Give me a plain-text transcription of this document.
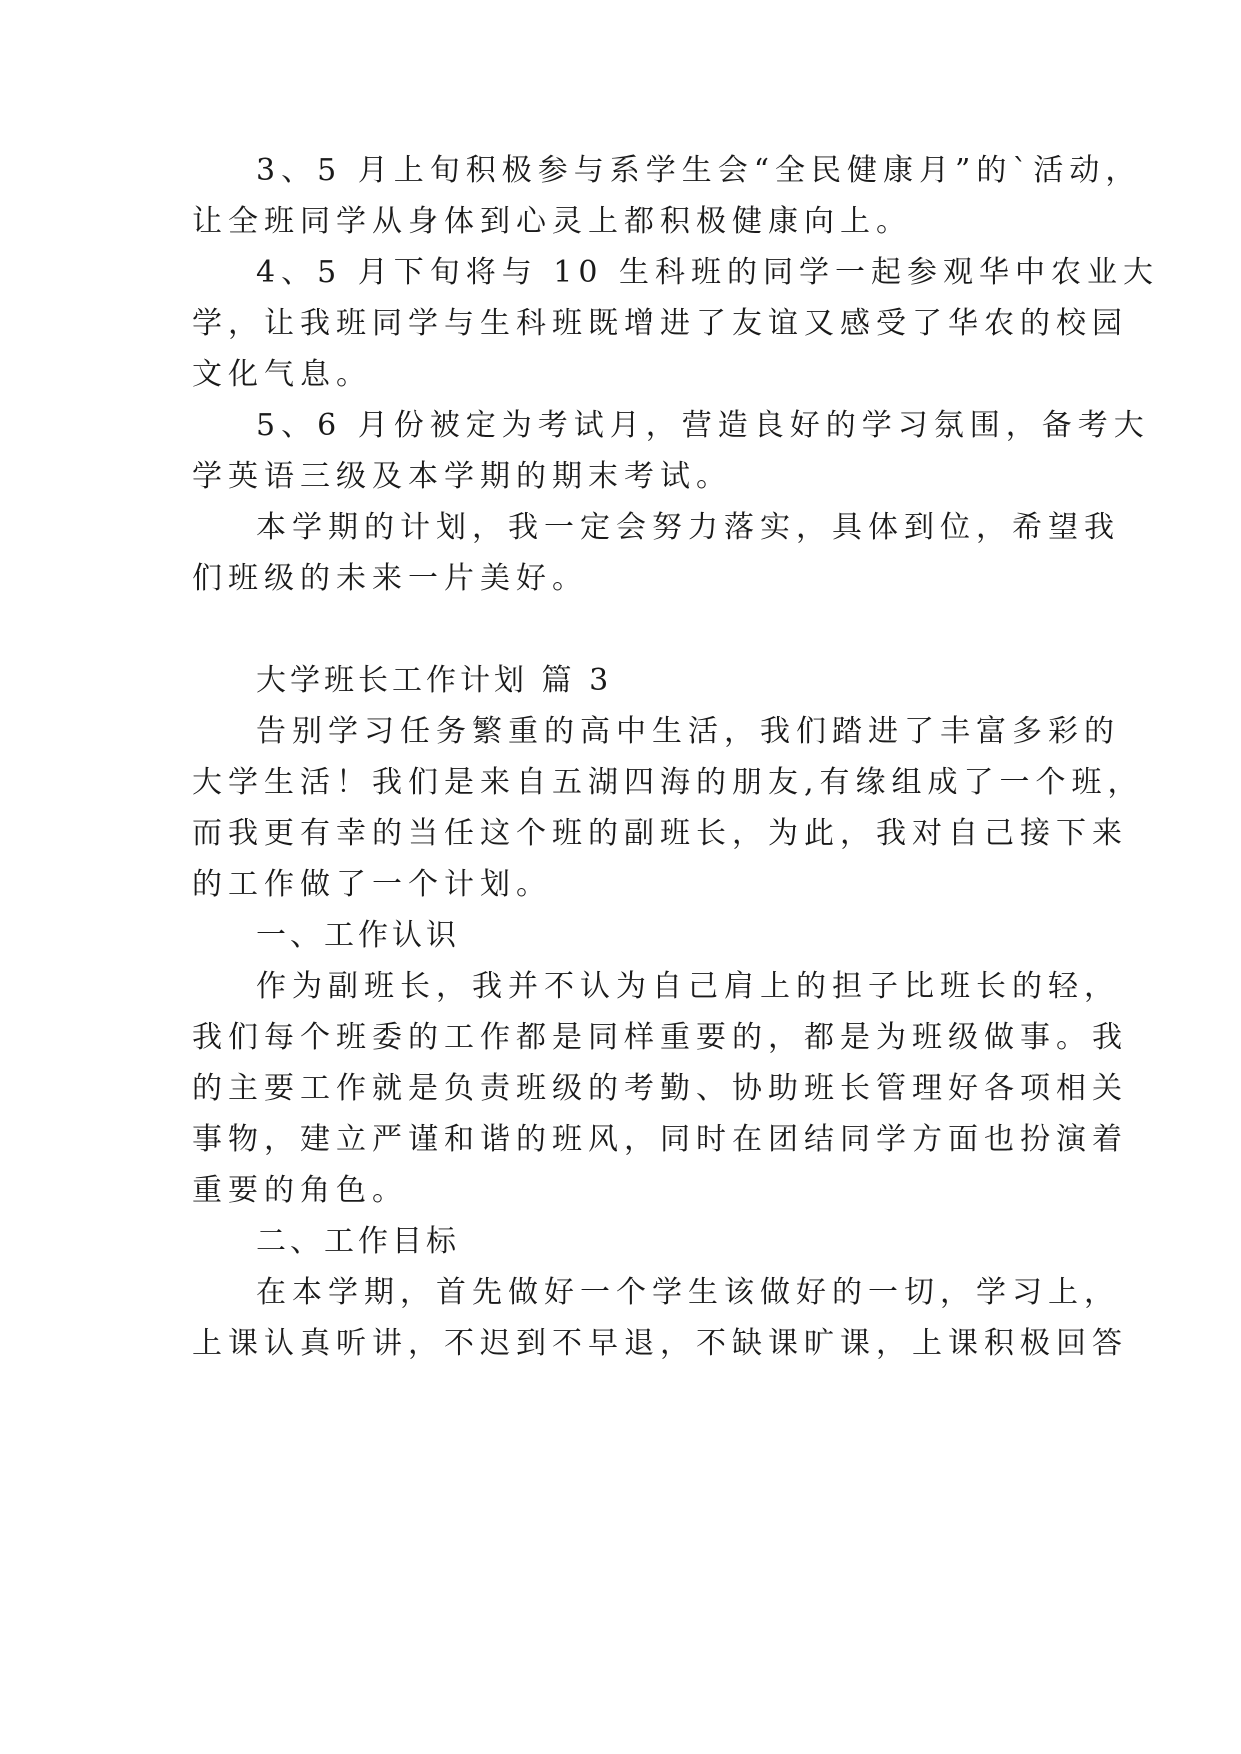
3、5 月上旬积极参与系学生会“全民健康月”的`活动，
让全班同学从身体到心灵上都积极健康向上。
4、5 月下旬将与 10 生科班的同学一起参观华中农业大
学，让我班同学与生科班既增进了友谊又感受了华农的校园
文化气息。
5、6 月份被定为考试月，营造良好的学习氛围，备考大
学英语三级及本学期的期末考试。
本学期的计划，我一定会努力落实，具体到位，希望我
们班级的未来一片美好。
大学班长工作计划 篇 3
告别学习任务繁重的高中生活，我们踏进了丰富多彩的
大学生活！我们是来自五湖四海的朋友,有缘组成了一个班，
而我更有幸的当任这个班的副班长，为此，我对自己接下来
的工作做了一个计划。
一、工作认识
作为副班长，我并不认为自己肩上的担子比班长的轻，
我们每个班委的工作都是同样重要的，都是为班级做事。我
的主要工作就是负责班级的考勤、协助班长管理好各项相关
事物，建立严谨和谐的班风，同时在团结同学方面也扮演着
重要的角色。
二、工作目标
在本学期，首先做好一个学生该做好的一切，学习上，
上课认真听讲，不迟到不早退，不缺课旷课，上课积极回答
